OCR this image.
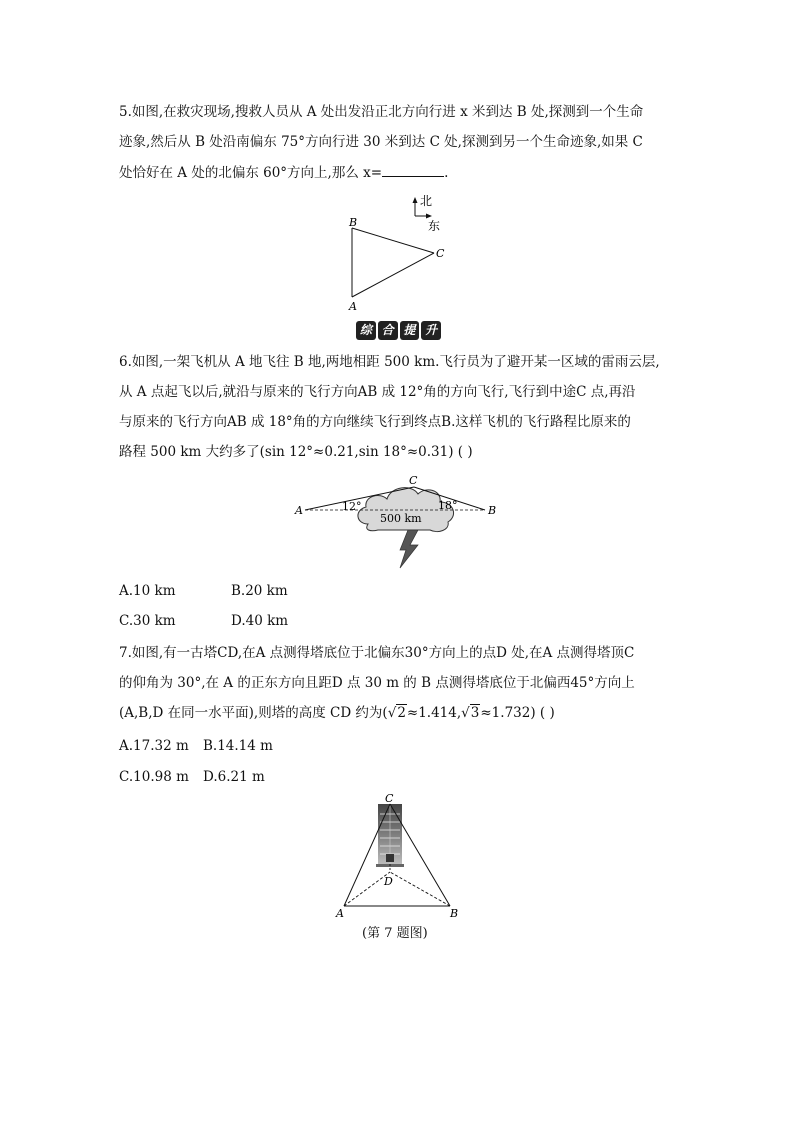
5.如图,在救灾现场,搜救人员从 A 处出发沿正北方向行进 x 米到达 B 处,探测到一个生命
迹象,然后从 B 处沿南偏东 75°方向行进 30 米到达 C 处,探测到另一个生命迹象,如果 C
处恰好在 A 处的北偏东 60°方向上,那么 x=	.
北
东
B
C
A
综 合 提 升
6.如图,一架飞机从 A 地飞往 B 地,两地相距 500 km.飞行员为了避开某一区域的雷雨云层,
从 A 点起飞以后,就沿与原来的飞行方向AB 成 12°角的方向飞行,飞行到中途C 点,再沿
与原来的飞行方向AB 成 18°角的方向继续飞行到终点B.这样飞机的飞行路程比原来的
路程 500 km 大约多了(sin 12°≈0.21,sin 18°≈0.31) ( )
A	B
C
12°	18°
500 km
A.10 km	B.20 km
C.30 km	D.40 km
7.如图,有一古塔CD,在A 点测得塔底位于北偏东30°方向上的点D 处,在A 点测得塔顶C
的仰角为 30°,在 A 的正东方向且距D 点 30 m 的 B 点测得塔底位于北偏西45°方向上
(A,B,D 在同一水平面),则塔的高度 CD 约为(√2≈1.414,√3≈1.732) ( )
A.17.32 m B.14.14 m
C.10.98 m D.6.21 m
C
D
A	B
(第 7 题图)
